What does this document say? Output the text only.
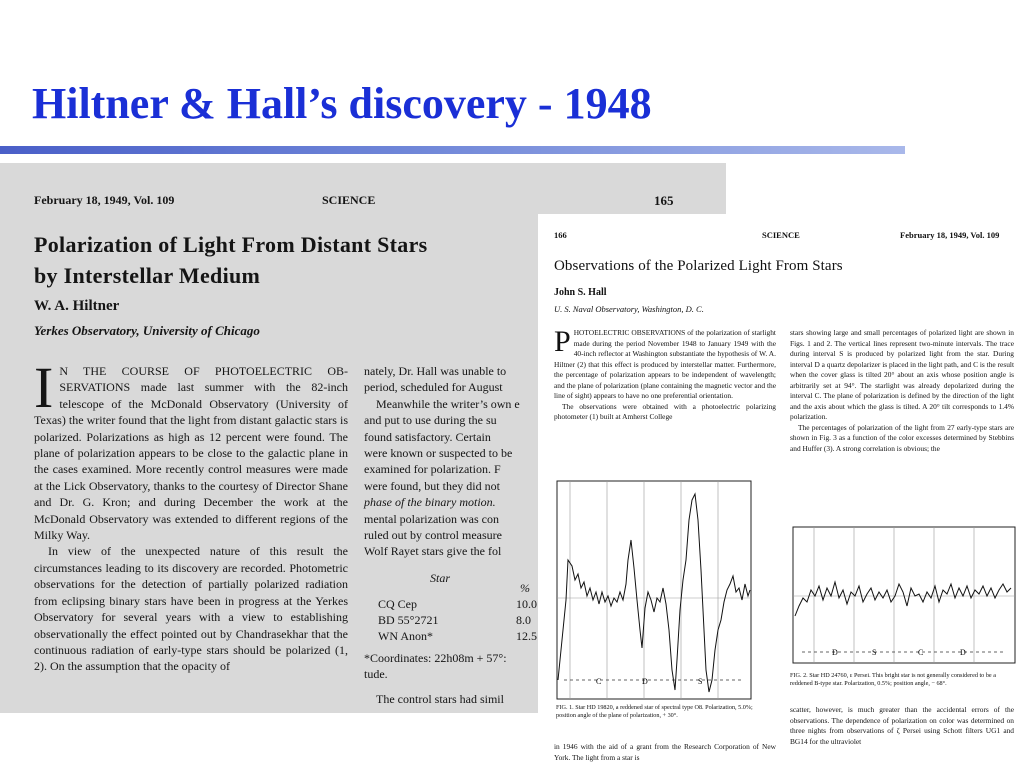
Hiltner & Hall’s discovery - 1948
February 18, 1949, Vol. 109	SCIENCE	165
Polarization of Light From Distant Stars
by Interstellar Medium
W. A. Hiltner
Yerkes Observatory, University of Chicago
I N THE COURSE OF PHOTOELECTRIC OB- SERVATIONS made last summer with the 82-inch telescope of the McDonald Observatory (University of Texas) the writer found that the light from distant galactic stars is polarized. Polarizations as high as 12 percent were found. The plane of polarization appears to be close to the galactic plane in the cases examined. More recently control measures were made at the Lick Observatory, thanks to the courtesy of Director Shane and Dr. G. Kron; and during December the work at the McDonald Observatory was extended to different regions of the Milky Way.
In view of the unexpected nature of this result the circumstances leading to its discovery are recorded. Photometric observations for the detection of partially polarized radiation from eclipsing binary stars have been in progress at the Yerkes Observatory for several years with a view to establishing observationally the effect pointed out by Chandrasekhar that the continuous radiation of early-type stars should be polarized (1, 2). On the assumption that the opacity of
nately, Dr. Hall was unable to
period, scheduled for August
Meanwhile the writer’s own e
and put to use during the su
found satisfactory. Certain
were known or suspected to be
examined for polarization. F
were found, but they did not
phase of the binary motion.
mental polarization was con
ruled out by control measure
Wolf Rayet stars give the fol
Star
%
CQ Cep	10.0
BD 55°2721	8.0
WN Anon*	12.5
*Coordinates: 22h08m + 57°:
tude.
The control stars had simil
166	SCIENCE	February 18, 1949, Vol. 109
Observations of the Polarized Light From Stars
John S. Hall
U. S. Naval Observatory, Washington, D. C.
P HOTOELECTRIC OBSERVATIONS of the polarization of starlight made during the period November 1948 to January 1949 with the 40-inch reflector at Washington substantiate the hypothesis of W. A. Hiltner (2) that this effect is produced by interstellar matter. Furthermore, the percentage of polarization appears to be independent of wavelength; and the plane of polarization (plane containing the magnetic vector and the line of sight) appears to have no one preferential orientation.
The observations were obtained with a photoelectric polarizing photometer (1) built at Amherst College
stars showing large and small percentages of polarized light are shown in Figs. 1 and 2. The vertical lines represent two-minute intervals. The trace during interval S is produced by polarized light from the star. During interval D a quartz depolarizer is placed in the light path, and C is the result when the cover glass is tilted 20° about an axis whose position angle is arbitrarily set at 94°. The starlight was already depolarized during the interval C. The plane of polarization is defined by the direction of the light and the axis about which the glass is tilted. A 20° tilt corresponds to 1.4% polarization.
The percentages of polarization of the light from 27 early-type stars are shown in Fig. 3 as a function of the color excesses determined by Stebbins and Huffer (3). A strong correlation is obvious; the
C	D	S
FIG. 1. Star HD 19820, a reddened star of spectral type O8. Polarization, 5.0%; position angle of the plane of polarization, + 30°.
D	S	C	D
FIG. 2. Star HD 24760, ε Persei. This bright star is not generally considered to be a reddened B-type star. Polarization, 0.5%; position angle, − 68°.
in 1946 with the aid of a grant from the Research Corporation of New York. The light from a star is
scatter, however, is much greater than the accidental errors of the observations. The dependence of polarization on color was determined on three nights from observations of ζ Persei using Schott filters UG1 and BG14 for the ultraviolet
